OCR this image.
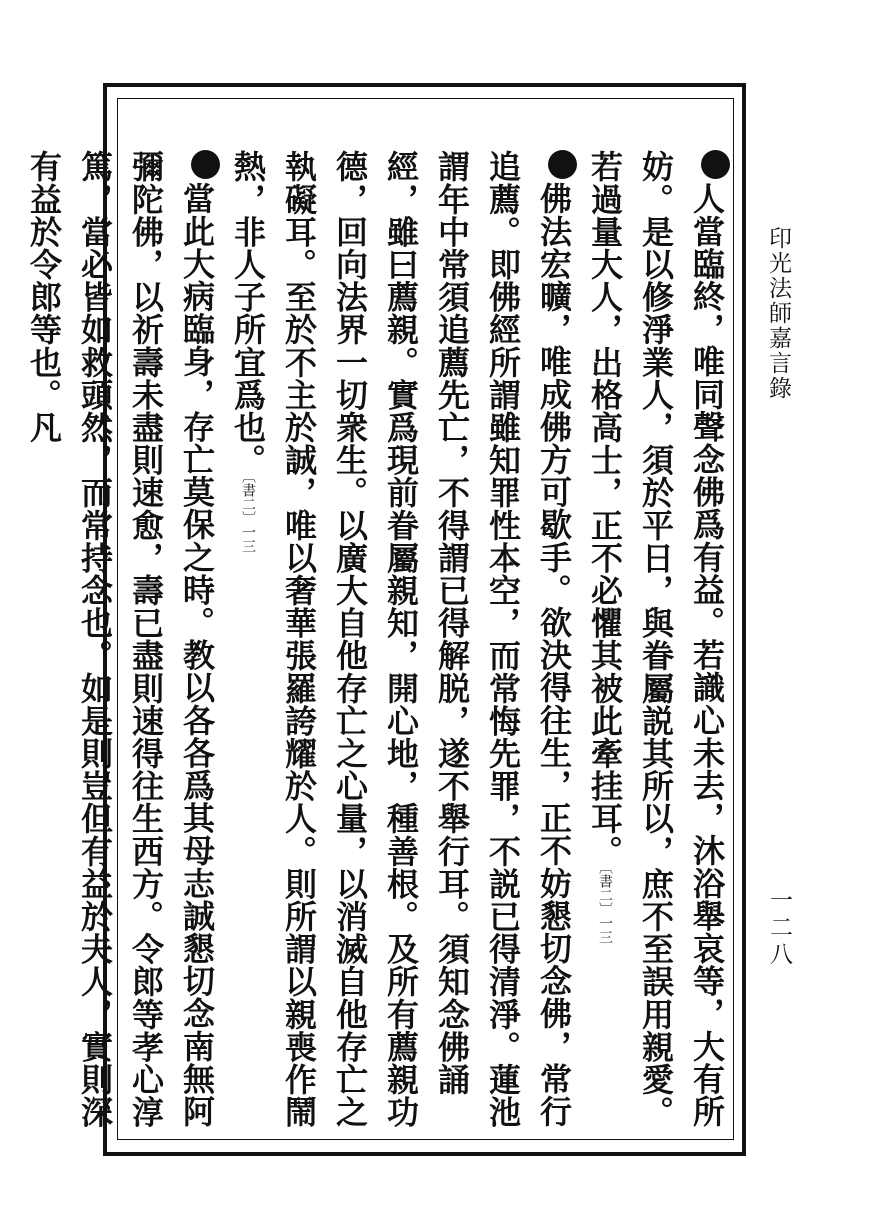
印光法師嘉言錄

人當臨終，唯同聲念佛爲有益。若識心未去，沐浴舉哀等，大有所妨。是以修淨業人，須於平日，與眷屬説其所以，庶不至誤用親愛。若過量大人，出格高士，正不必懼其被此牽挂耳。〔書二〕一三

佛法宏曠，唯成佛方可歇手。欲決得往生，正不妨懇切念佛，常行追薦。即佛經所謂雖知罪性本空，而常悔先罪，不説已得清淨。蓮池謂年中常須追薦先亡，不得謂已得解脱，遂不舉行耳。須知念佛誦經，雖曰薦親。實爲現前眷屬親知，開心地，種善根。及所有薦親功德，回向法界一切衆生。以廣大自他存亡之心量，以消滅自他存亡之執礙耳。至於不主於誠，唯以奢華張羅誇耀於人。則所謂以親喪作鬧熱，非人子所宜爲也。〔書二〕一三

當此大病臨身，存亡莫保之時。教以各各爲其母志誠懇切念南無阿彌陀佛，以祈壽未盡則速愈，壽已盡則速得往生西方。令郎等孝心淳篤，當必皆如救頭然，而常持念也。如是則豈但有益於夫人，實則深有益於令郎等也。凡

一二八
